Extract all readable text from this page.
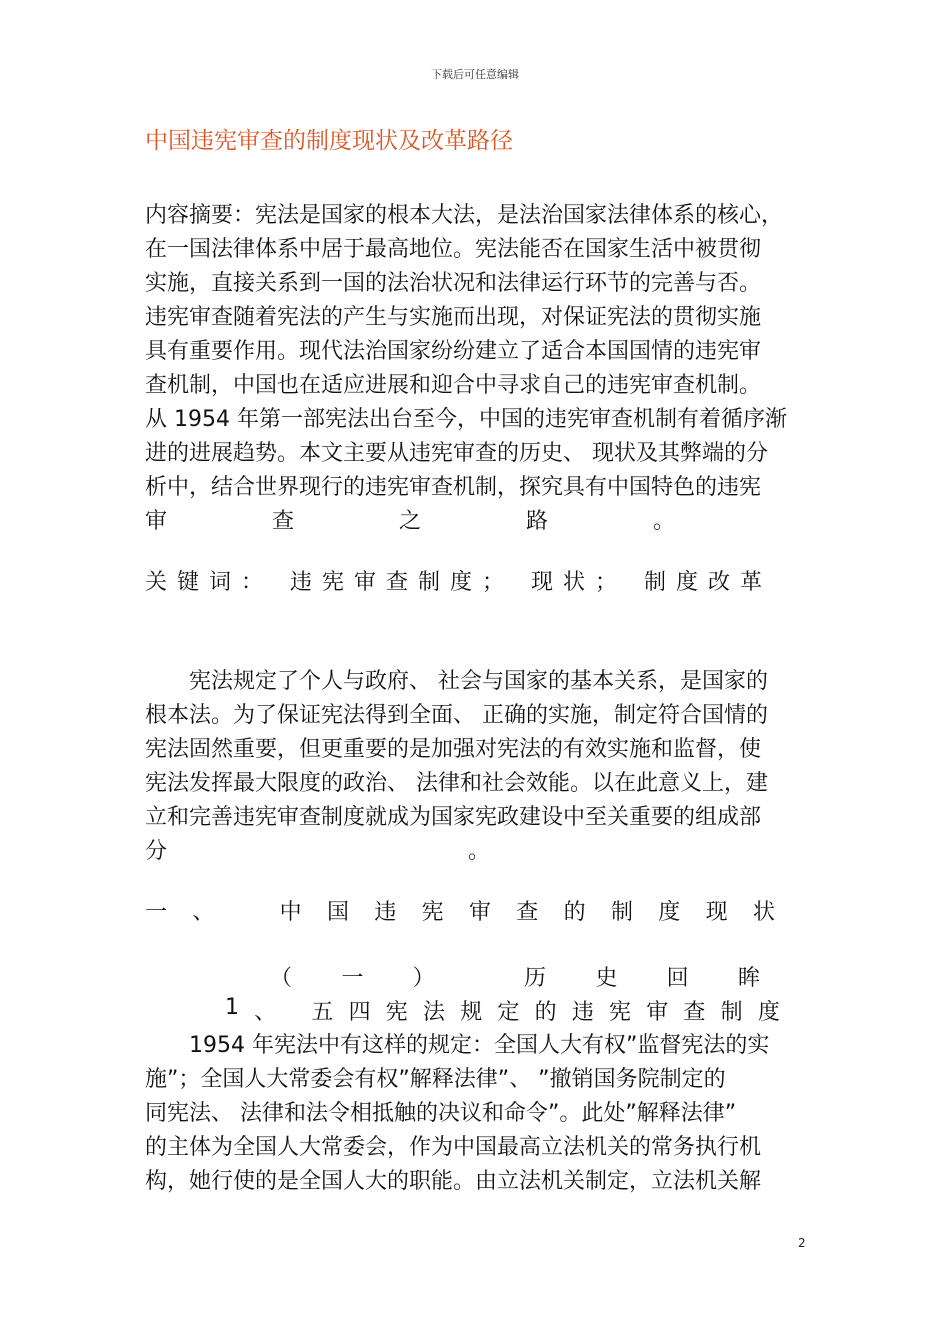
下载后可任意编辑
中国违宪审查的制度现状及改革路径
内容摘要：宪法是国家的根本大法，是法治国家法律体系的核心，
在一国法律体系中居于最高地位。宪法能否在国家生活中被贯彻
实施，直接关系到一国的法治状况和法律运行环节的完善与否。
违宪审查随着宪法的产生与实施而出现，对保证宪法的贯彻实施
具有重要作用。现代法治国家纷纷建立了适合本国国情的违宪审
查机制，中国也在适应进展和迎合中寻求自己的违宪审查机制。
从 1954 年第一部宪法出台至今，中国的违宪审查机制有着循序渐
进的进展趋势。本文主要从违宪审查的历史、 现状及其弊端的分
析中，结合世界现行的违宪审查机制，探究具有中国特色的违宪
审	查	之	路	。
关键词： 违宪审查制度； 现状； 制度改革
宪法规定了个人与政府、 社会与国家的基本关系，是国家的
根本法。为了保证宪法得到全面、 正确的实施，制定符合国情的
宪法固然重要，但更重要的是加强对宪法的有效实施和监督，使
宪法发挥最大限度的政治、 法律和社会效能。以在此意义上，建
立和完善违宪审查制度就成为国家宪政建设中至关重要的组成部
分	。
一 、	中 国 违 宪 审 查 的 制 度 现 状
（ 一 ）	历 史 回 眸
1 、 五 四 宪 法 规 定 的 违 宪 审 查 制 度
1954 年宪法中有这样的规定：全国人大有权”监督宪法的实
施”；全国人大常委会有权”解释法律”、 ”撤销国务院制定的
同宪法、 法律和法令相抵触的决议和命令”。此处”解释法律”
的主体为全国人大常委会，作为中国最高立法机关的常务执行机
构，她行使的是全国人大的职能。由立法机关制定，立法机关解
2
